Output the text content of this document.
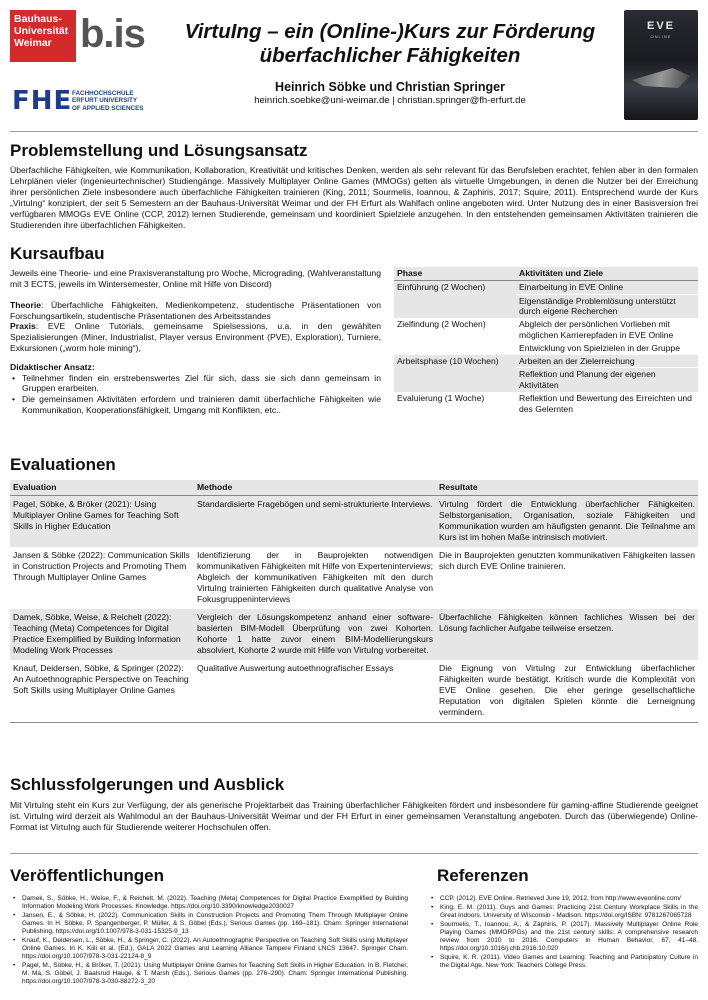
Bauhaus-
Universität
Weimar b.is
FHE FACHHOCHSCHULE
ERFURT UNIVERSITY
OF APPLIED SCIENCES
EVE
ONLINE
VirtuIng – ein (Online-)Kurs zur Förderung überfachlicher Fähigkeiten
Heinrich Söbke und Christian Springer
heinrich.soebke@uni-weimar.de | christian.springer@fh-erfurt.de
Problemstellung und Lösungsansatz

Überfachliche Fähigkeiten, wie Kommunikation, Kollaboration, Kreativität und kritisches Denken, werden als sehr relevant für das Berufsleben erachtet, fehlen aber in den formalen Lehrplänen vieler (ingenieurtechnischer) Studiengänge. Massively Multiplayer Online Games (MMOGs) gelten als virtuelle Umgebungen, in denen die Nutzer bei der Erreichung ihrer persönlichen Ziele insbesondere auch überfachliche Fähigkeiten trainieren (King, 2011; Sourmelis, Ioannou, & Zaphiris, 2017; Squire, 2011). Entsprechend wurde der Kurs „VirtuIng“ konzipiert, der seit 5 Semestern an der Bauhaus-Universität Weimar und der FH Erfurt als Wahlfach online angeboten wird. Unter Nutzung des in einer Basisversion frei verfügbaren MMOGs EVE Online (CCP, 2012) lernen Studierende, gemeinsam und koordiniert Spielziele anzugehen. In den entstehenden gemeinsamen Aktivitäten trainieren die Studierenden ihre überfachlichen Fähigkeiten.

Kursaufbau

Jeweils eine Theorie- und eine Praxisveranstaltung pro Woche, Micrograding, (Wahlveranstaltung mit 3 ECTS, jeweils im Wintersemester, Online mit Hilfe von Discord)

Theorie: Überfachliche Fähigkeiten, Medienkompetenz, studentische Präsentationen von Forschungsartikeln, studentische Präsentationen des Arbeitsstandes

Praxis: EVE Online Tutorials, gemeinsame Spielsessions, u.a. in den gewählten Spezialisierungen (Miner, Industrialist, Player versus Environment (PVE), Exploration), Turniere, Exkursionen („worm hole mining“),

Didaktischer Ansatz:

• Teilnehmer finden ein erstrebenswertes Ziel für sich, dass sie sich dann gemeinsam in Gruppen erarbeiten.
• Die gemeinsamen Aktivitäten erfordern und trainieren damit überfachliche Fähigkeiten wie Kommunikation, Kooperationsfähigkeit, Umgang mit Konflikten, etc..
Phase	Aktivitäten und Ziele
Einführung (2 Wochen)	Einarbeitung in EVE Online
	Eigenständige Problemlösung unterstützt durch eigene Recherchen
Zielfindung (2 Wochen)	Abgleich der persönlichen Vorlieben mit möglichen Karrierepfaden in EVE Online
	Entwicklung von Spielzielen in der Gruppe
Arbeitsphase (10 Wochen)	Arbeiten an der Zielerreichung
	Reflektion und Planung der eigenen Aktivitäten
Evaluierung (1 Woche)	Reflektion und Bewertung des Erreichten und des Gelernten
Evaluationen
Evaluation	Methode	Resultate
Pagel, Söbke, & Bröker (2021): Using Multiplayer Online Games for Teaching Soft Skills in Higher Education	Standardisierte Fragebögen und semi-strukturierte Interviews.	VirtuIng fördert die Entwicklung überfachlicher Fähigkeiten. Selbstorganisation, Organisation, soziale Fähigkeiten und Kommunikation wurden am häufigsten genannt. Die Teilnahme am Kurs ist im hohen Maße intrinsisch motiviert.
Jansen & Söbke (2022): Communication Skills in Construction Projects and Promoting Them Through Multiplayer Online Games	Identifizierung der in Bauprojekten notwendigen kommunikativen Fähigkeiten mit Hilfe von Experteninterviews; Abgleich der kommunikativen Fähigkeiten mit den durch VirtuIng trainierten Fähigkeiten durch qualitative Analyse von Fokusgruppeninterviews	Die in Bauprojekten genutzten kommunikativen Fähigkeiten lassen sich durch EVE Online trainieren.
Damek, Söbke, Weise, & Reichelt (2022): Teaching (Meta) Competences for Digital Practice Exemplified by Building Information Modeling Work Processes	Vergleich der Lösungskompetenz anhand einer software-basierten BIM-Modell Überprüfung von zwei Kohorten. Kohorte 1 hatte zuvor einem BIM-Modellierungskurs absolviert, Kohorte 2 wurde mit Hilfe von VirtuIng vorbereitet.	Überfachliche Fähigkeiten können fachliches Wissen bei der Lösung fachlicher Aufgabe teilweise ersetzen.
Knauf, Deidersen, Söbke, & Springer (2022): An Autoethnographic Perspective on Teaching Soft Skills using Multiplayer Online Games	Qualitative Auswertung autoethnografischer Essays	Die Eignung von VirtuIng zur Entwicklung überfachlicher Fähigkeiten wurde bestätigt. Kritisch wurde die Komplexität von EVE Online gesehen. Die eher geringe gesellschaftliche Reputation von digitalen Spielen könnte die Lerneignung vermindern.
Schlussfolgerungen und Ausblick

Mit VirtuIng steht ein Kurs zur Verfügung, der als generische Projektarbeit das Training überfachlicher Fähigkeiten fördert und insbesondere für gaming-affine Studierende geeignet ist. VirtuIng wird derzeit als Wahlmodul an der Bauhaus-Universität Weimar und der FH Erfurt in einer gemeinsamen Veranstaltung angeboten. Durch das (überwiegende) Online-Format ist VirtuIng auch für Studierende weiterer Hochschulen offen.

Veröffentlichungen
• Damek, S., Söbke, H., Weise, F., & Reichelt, M. (2022). Teaching (Meta) Competences for Digital Practice Exemplified by Building Information Modeling Work Processes. Knowledge. https://doi.org/10.3390/knowledge2030027
• Jansen, E., & Söbke, H. (2022). Communication Skills in Construction Projects and Promoting Them Through Multiplayer Online Games. In H. Söbke, P. Spangenberger, P. Müller, & S. Göbel (Eds.), Serious Games (pp. 169–181). Cham: Springer International Publishing. https://doi.org/10.1007/978-3-031-15325-9_13
• Knauf, K., Deidersen, L., Söbke, H., & Springer, C. (2022). An Autoethnographic Perspective on Teaching Soft Skills using Multiplayer Online Games. In K. Kiili et al. (Ed.), GALA 2022 Games and Learning Alliance Tampere Finland LNCS 13647. Springer Cham. https://doi.org/10.1007/978-3-031-22124-8_9
• Pagel, M., Söbke, H., & Bröker, T. (2021). Using Multiplayer Online Games for Teaching Soft Skills in Higher Education. In B. Fletcher, M. Ma, S. Göbel, J. Baalsrud Hauge, & T. Marsh (Eds.), Serious Games (pp. 276–290). Cham: Springer International Publishing. https://doi.org/10.1007/978-3-030-88272-3_20
Referenzen
• CCP. (2012). EVE Online. Retrieved June 19, 2012, from http://www.eveonline.com/
• King, E. M. (2011). Guys and Games: Practicing 21st Century Workplace Skills in the Great Indoors. University of Wisconsin - Madison. https://doi.org/ISBN: 9781267065728
• Sourmelis, T., Ioannou, A., & Zaphiris, P. (2017). Massively Multiplayer Online Role Playing Games (MMORPGs) and the 21st century skills: A comprehensive research review from 2010 to 2016. Computers in Human Behavior, 67, 41–48. https://doi.org/10.1016/j.chb.2016.10.020
• Squire, K. R. (2011). Video Games and Learning: Teaching and Participatory Culture in the Digital Age. New York: Teachers College Press.
